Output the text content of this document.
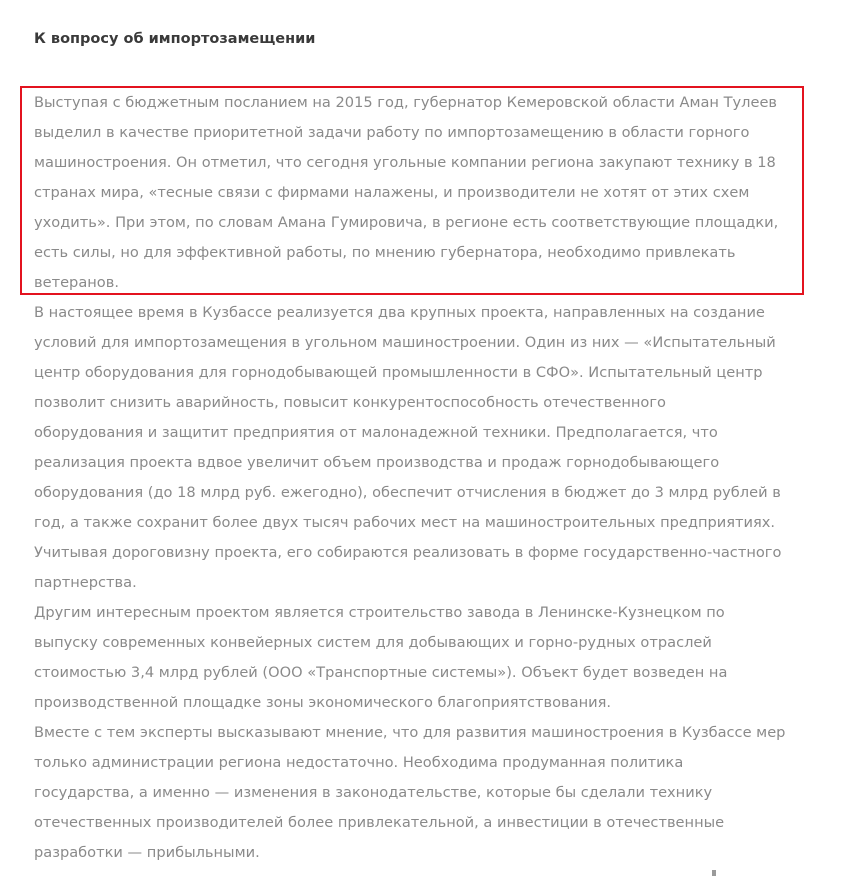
К вопросу об импортозамещении

Выступая с бюджетным посланием на 2015 год, губернатор Кемеровской области Аман Тулеев
выделил в качестве приоритетной задачи работу по импортозамещению в области горного
машиностроения. Он отметил, что сегодня угольные компании региона закупают технику в 18
странах мира, «тесные связи с фирмами налажены, и производители не хотят от этих схем
уходить». При этом, по словам Амана Гумировича, в регионе есть соответствующие площадки,
есть силы, но для эффективной работы, по мнению губернатора, необходимо привлекать
ветеранов.

В настоящее время в Кузбассе реализуется два крупных проекта, направленных на создание
условий для импортозамещения в угольном машиностроении. Один из них — «Испытательный
центр оборудования для горнодобывающей промышленности в СФО». Испытательный центр
позволит снизить аварийность, повысит конкурентоспособность отечественного
оборудования и защитит предприятия от малонадежной техники. Предполагается, что
реализация проекта вдвое увеличит объем производства и продаж горнодобывающего
оборудования (до 18 млрд руб. ежегодно), обеспечит отчисления в бюджет до 3 млрд рублей в
год, а также сохранит более двух тысяч рабочих мест на машиностроительных предприятиях.
Учитывая дороговизну проекта, его собираются реализовать в форме государственно-частного
партнерства.

Другим интересным проектом является строительство завода в Ленинске-Кузнецком по
выпуску современных конвейерных систем для добывающих и горно-рудных отраслей
стоимостью 3,4 млрд рублей (ООО «Транспортные системы»). Объект будет возведен на
производственной площадке зоны экономического благоприятствования.

Вместе с тем эксперты высказывают мнение, что для развития машиностроения в Кузбассе мер
только администрации региона недостаточно. Необходима продуманная политика
государства, а именно — изменения в законодательстве, которые бы сделали технику
отечественных производителей более привлекательной, а инвестиции в отечественные
разработки — прибыльными.
